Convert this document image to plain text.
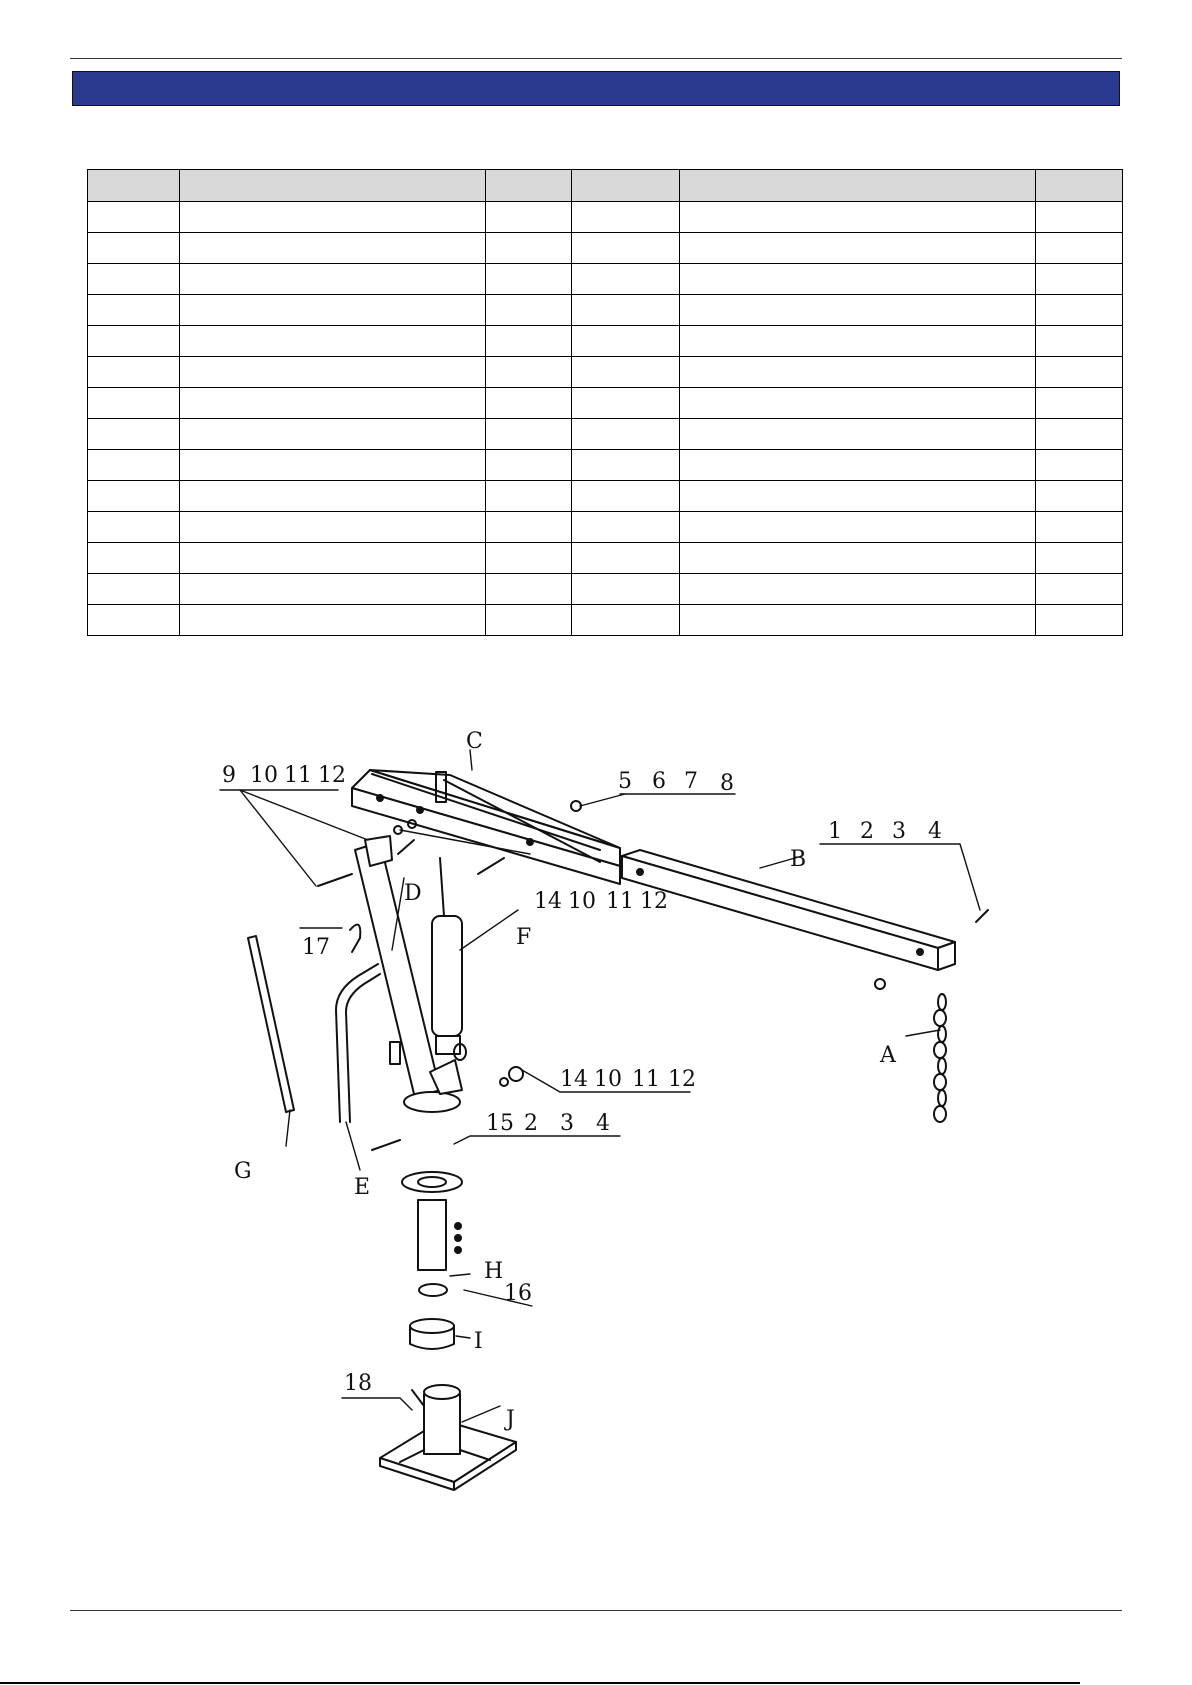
C
9 10 11 12	5 6 7 8
1 2 3 4
B
14 10 11 12
D
F
17
A
14 10 11 12
15 2 3 4
G
E
H
16
I
18
J
